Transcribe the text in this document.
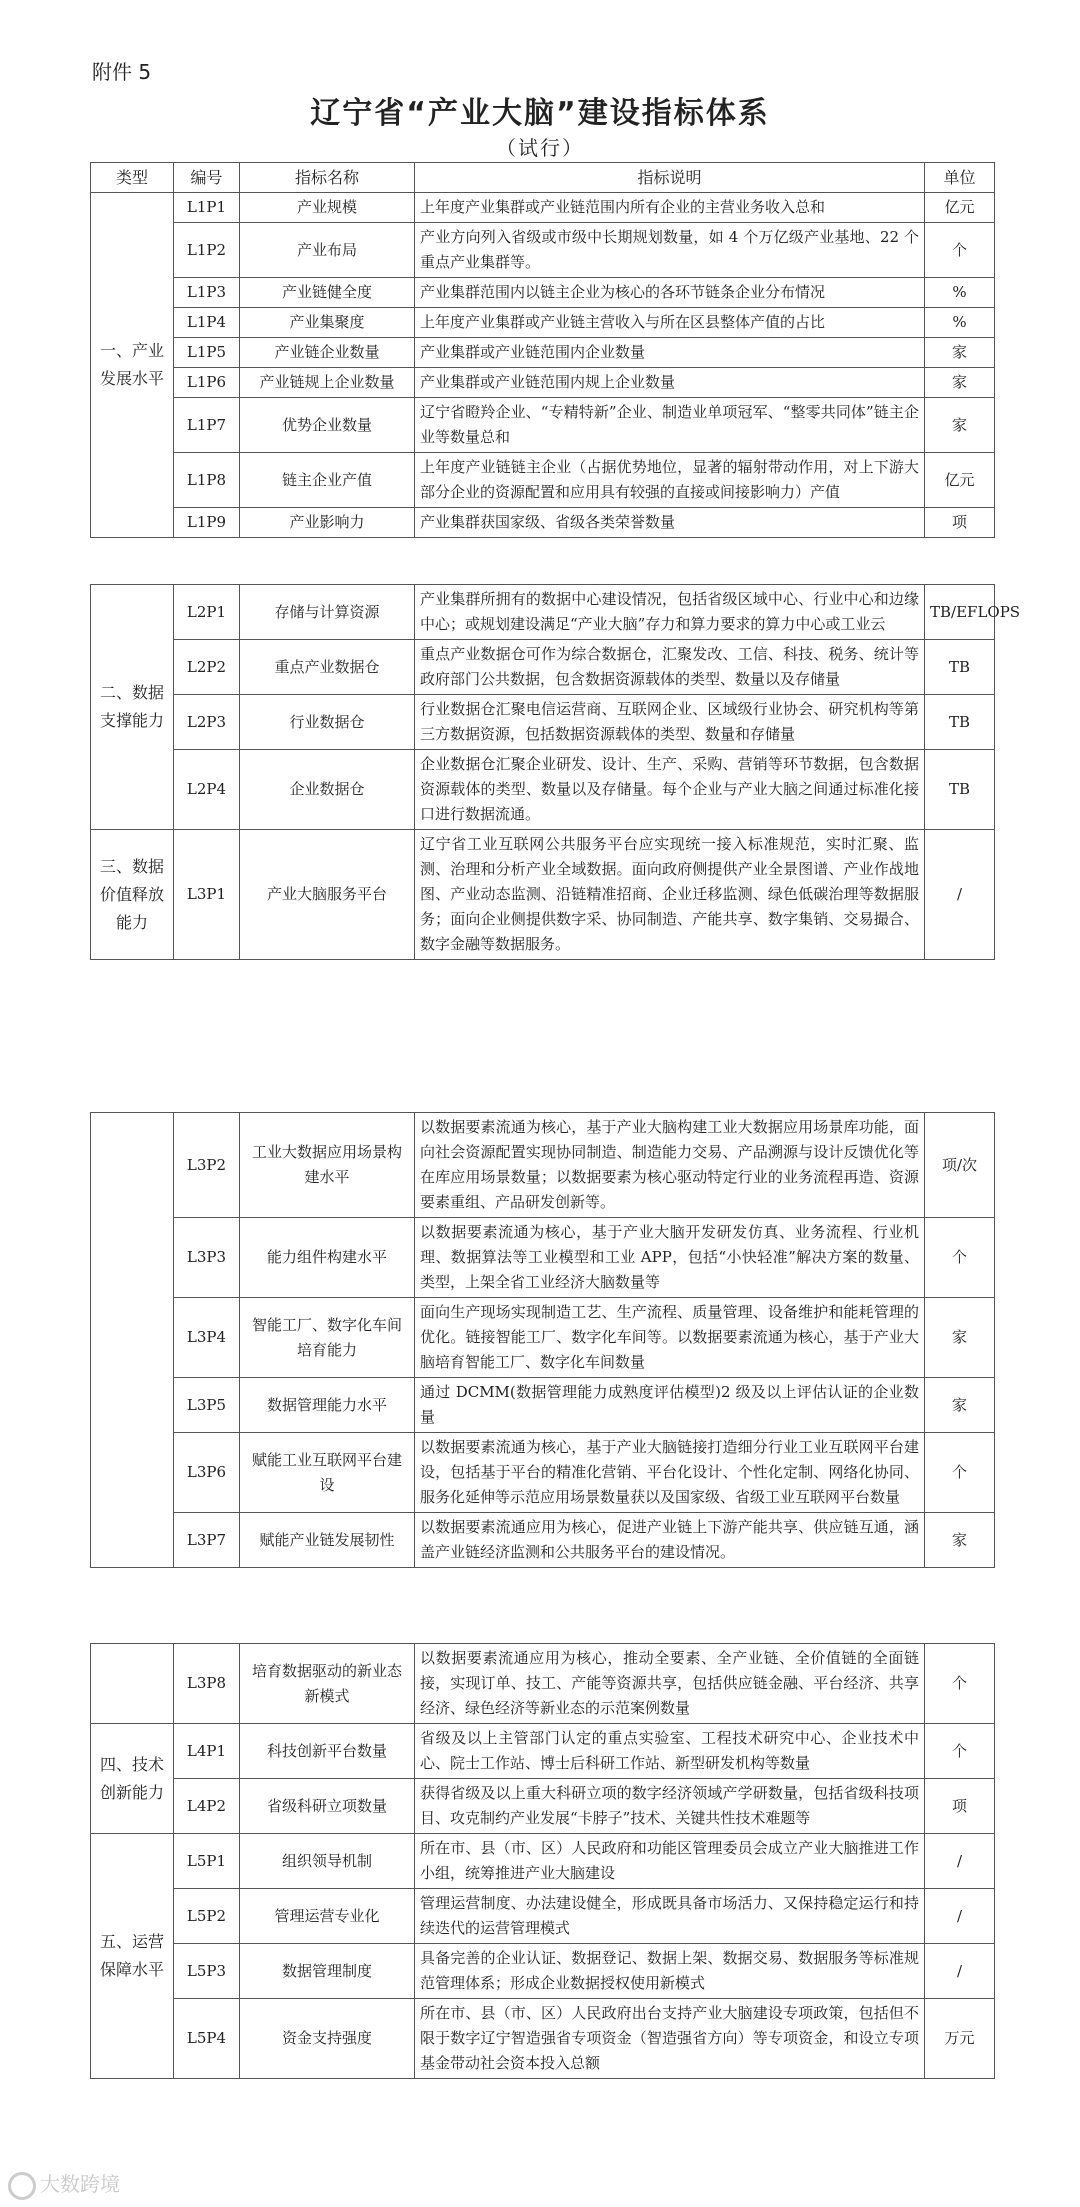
附件 5
辽宁省“产业大脑”建设指标体系
（试行）
类型	编号	指标名称	指标说明	单位
一、产业发展水平	L1P1	产业规模	上年度产业集群或产业链范围内所有企业的主营业务收入总和	亿元
	L1P2	产业布局	产业方向列入省级或市级中长期规划数量，如 4 个万亿级产业基地、22 个重点产业集群等。	个
	L1P3	产业链健全度	产业集群范围内以链主企业为核心的各环节链条企业分布情况	%
	L1P4	产业集聚度	上年度产业集群或产业链主营收入与所在区县整体产值的占比	%
	L1P5	产业链企业数量	产业集群或产业链范围内企业数量	家
	L1P6	产业链规上企业数量	产业集群或产业链范围内规上企业数量	家
	L1P7	优势企业数量	辽宁省瞪羚企业、“专精特新”企业、制造业单项冠军、“整零共同体”链主企业等数量总和	家
	L1P8	链主企业产值	上年度产业链链主企业（占据优势地位，显著的辐射带动作用，对上下游大部分企业的资源配置和应用具有较强的直接或间接影响力）产值	亿元
	L1P9	产业影响力	产业集群获国家级、省级各类荣誉数量	项
二、数据支撑能力	L2P1	存储与计算资源	产业集群所拥有的数据中心建设情况，包括省级区域中心、行业中心和边缘中心；或规划建设满足“产业大脑”存力和算力要求的算力中心或工业云	TB/EFLOPS
	L2P2	重点产业数据仓	重点产业数据仓可作为综合数据仓，汇聚发改、工信、科技、税务、统计等政府部门公共数据，包含数据资源载体的类型、数量以及存储量	TB
	L2P3	行业数据仓	行业数据仓汇聚电信运营商、互联网企业、区域级行业协会、研究机构等第三方数据资源，包括数据资源载体的类型、数量和存储量	TB
	L2P4	企业数据仓	企业数据仓汇聚企业研发、设计、生产、采购、营销等环节数据，包含数据资源载体的类型、数量以及存储量。每个企业与产业大脑之间通过标准化接口进行数据流通。	TB
三、数据价值释放能力	L3P1	产业大脑服务平台	辽宁省工业互联网公共服务平台应实现统一接入标准规范，实时汇聚、监测、治理和分析产业全域数据。面向政府侧提供产业全景图谱、产业作战地图、产业动态监测、沿链精准招商、企业迁移监测、绿色低碳治理等数据服务；面向企业侧提供数字采、协同制造、产能共享、数字集销、交易撮合、数字金融等数据服务。	/
	L3P2	工业大数据应用场景构建水平	以数据要素流通为核心，基于产业大脑构建工业大数据应用场景库功能，面向社会资源配置实现协同制造、制造能力交易、产品溯源与设计反馈优化等在库应用场景数量；以数据要素为核心驱动特定行业的业务流程再造、资源要素重组、产品研发创新等。	项/次
	L3P3	能力组件构建水平	以数据要素流通为核心，基于产业大脑开发研发仿真、业务流程、行业机理、数据算法等工业模型和工业 APP，包括“小快轻准”解决方案的数量、类型，上架全省工业经济大脑数量等	个
	L3P4	智能工厂、数字化车间培育能力	面向生产现场实现制造工艺、生产流程、质量管理、设备维护和能耗管理的优化。链接智能工厂、数字化车间等。以数据要素流通为核心，基于产业大脑培育智能工厂、数字化车间数量	家
	L3P5	数据管理能力水平	通过 DCMM(数据管理能力成熟度评估模型)2 级及以上评估认证的企业数量	家
	L3P6	赋能工业互联网平台建设	以数据要素流通为核心，基于产业大脑链接打造细分行业工业互联网平台建设，包括基于平台的精准化营销、平台化设计、个性化定制、网络化协同、服务化延伸等示范应用场景数量获以及国家级、省级工业互联网平台数量	个
	L3P7	赋能产业链发展韧性	以数据要素流通应用为核心，促进产业链上下游产能共享、供应链互通，涵盖产业链经济监测和公共服务平台的建设情况。	家
	L3P8	培育数据驱动的新业态新模式	以数据要素流通应用为核心，推动全要素、全产业链、全价值链的全面链接，实现订单、技工、产能等资源共享，包括供应链金融、平台经济、共享经济、绿色经济等新业态的示范案例数量	个
四、技术创新能力	L4P1	科技创新平台数量	省级及以上主管部门认定的重点实验室、工程技术研究中心、企业技术中心、院士工作站、博士后科研工作站、新型研发机构等数量	个
	L4P2	省级科研立项数量	获得省级及以上重大科研立项的数字经济领域产学研数量，包括省级科技项目、攻克制约产业发展“卡脖子”技术、关键共性技术难题等	项
五、运营保障水平	L5P1	组织领导机制	所在市、县（市、区）人民政府和功能区管理委员会成立产业大脑推进工作小组，统筹推进产业大脑建设	/
	L5P2	管理运营专业化	管理运营制度、办法建设健全，形成既具备市场活力、又保持稳定运行和持续迭代的运营管理模式	/
	L5P3	数据管理制度	具备完善的企业认证、数据登记、数据上架、数据交易、数据服务等标准规范管理体系；形成企业数据授权使用新模式	/
	L5P4	资金支持强度	所在市、县（市、区）人民政府出台支持产业大脑建设专项政策，包括但不限于数字辽宁智造强省专项资金（智造强省方向）等专项资金，和设立专项基金带动社会资本投入总额	万元
大数跨境
